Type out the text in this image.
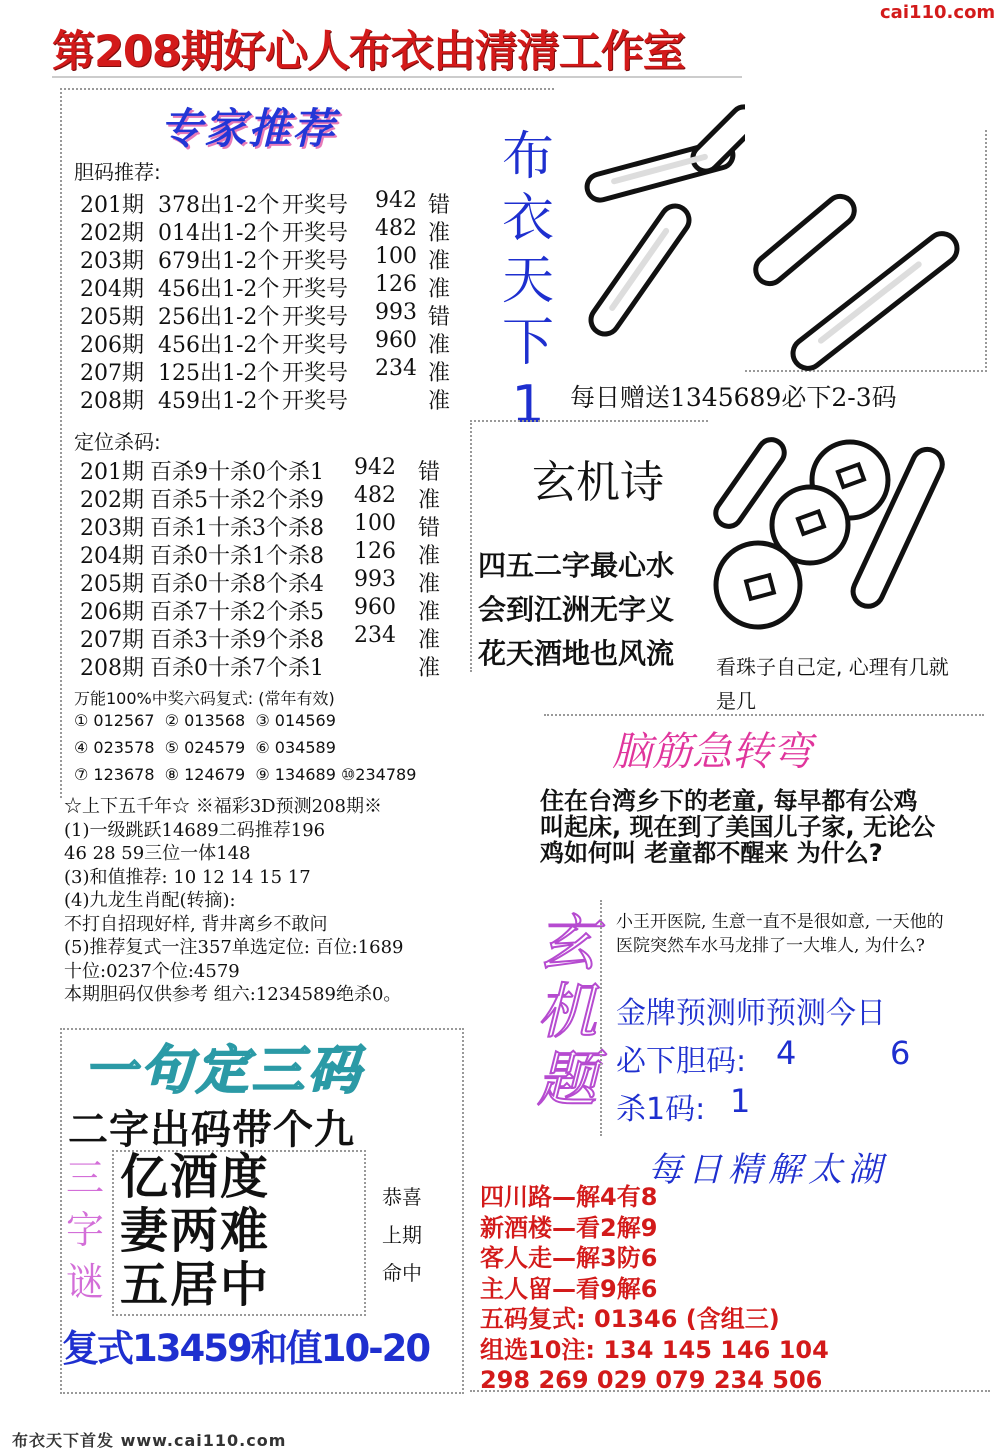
cai110.com
第208期好心人布衣由清清工作室
专家推荐
胆码推荐:
201期 378出1-2个 开奖号 942 错
202期 014出1-2个 开奖号 482 准
203期 679出1-2个 开奖号 100 准
204期 456出1-2个 开奖号 126 准
205期 256出1-2个 开奖号 993 错
206期 456出1-2个 开奖号 960 准
207期 125出1-2个 开奖号 234 准
208期 459出1-2个 开奖号	准
定位杀码:
201期 百杀9十杀0个杀1 942 错
202期 百杀5十杀2个杀9 482 准
203期 百杀1十杀3个杀8 100 错
204期 百杀0十杀1个杀8 126 准
205期 百杀0十杀8个杀4 993 准
206期 百杀7十杀2个杀5 960 准
207期 百杀3十杀9个杀8 234 准
208期 百杀0十杀7个杀1	准
万能100%中奖六码复式: (常年有效)
① 012567  ② 013568  ③ 014569
④ 023578  ⑤ 024579  ⑥ 034589
⑦ 123678  ⑧ 124679  ⑨ 134689 ⑩234789
☆上下五千年☆ ※福彩3D预测208期※
(1)一级跳跃14689二码推荐196
46 28 59三位一体148
(3)和值推荐: 10 12 14 15 17
(4)九龙生肖配(转摘):
不打自招现好样, 背井离乡不敢问
(5)推荐复式一注357单选定位: 百位:1689
十位:0237个位:4579
本期胆码仅供参考 组六:1234589绝杀0。
布
衣
天
下
1	每日赠送1345689必下2-3码
玄机诗
四五二字最心水
会到江洲无字义
花天酒地也风流 看珠子自己定, 心理有几就是几
脑筋急转弯
住在台湾乡下的老童, 每早都有公鸡叫起床, 现在到了美国儿子家, 无论公鸡如何叫 老童都不醒来 为什么?
玄
机
题
小王开医院, 生意一直不是很如意, 一天他的医院突然车水马龙排了一大堆人, 为什么?
金牌预测师预测今日
必下胆码: 4	6
杀1码: 1
每日精解太湖
四川路—解4有8
新酒楼—看2解9
客人走—解3防6
主人留—看9解6
五码复式: 01346 (含组三)
组选10注: 134 145 146 104
298 269 029 079 234 506
一句定三码
二字出码带个九
三
字
谜
亿酒度
妻两难
五居中
恭喜
上期
命中
复式13459和值10-20
布衣天下首发 www.cai110.com
